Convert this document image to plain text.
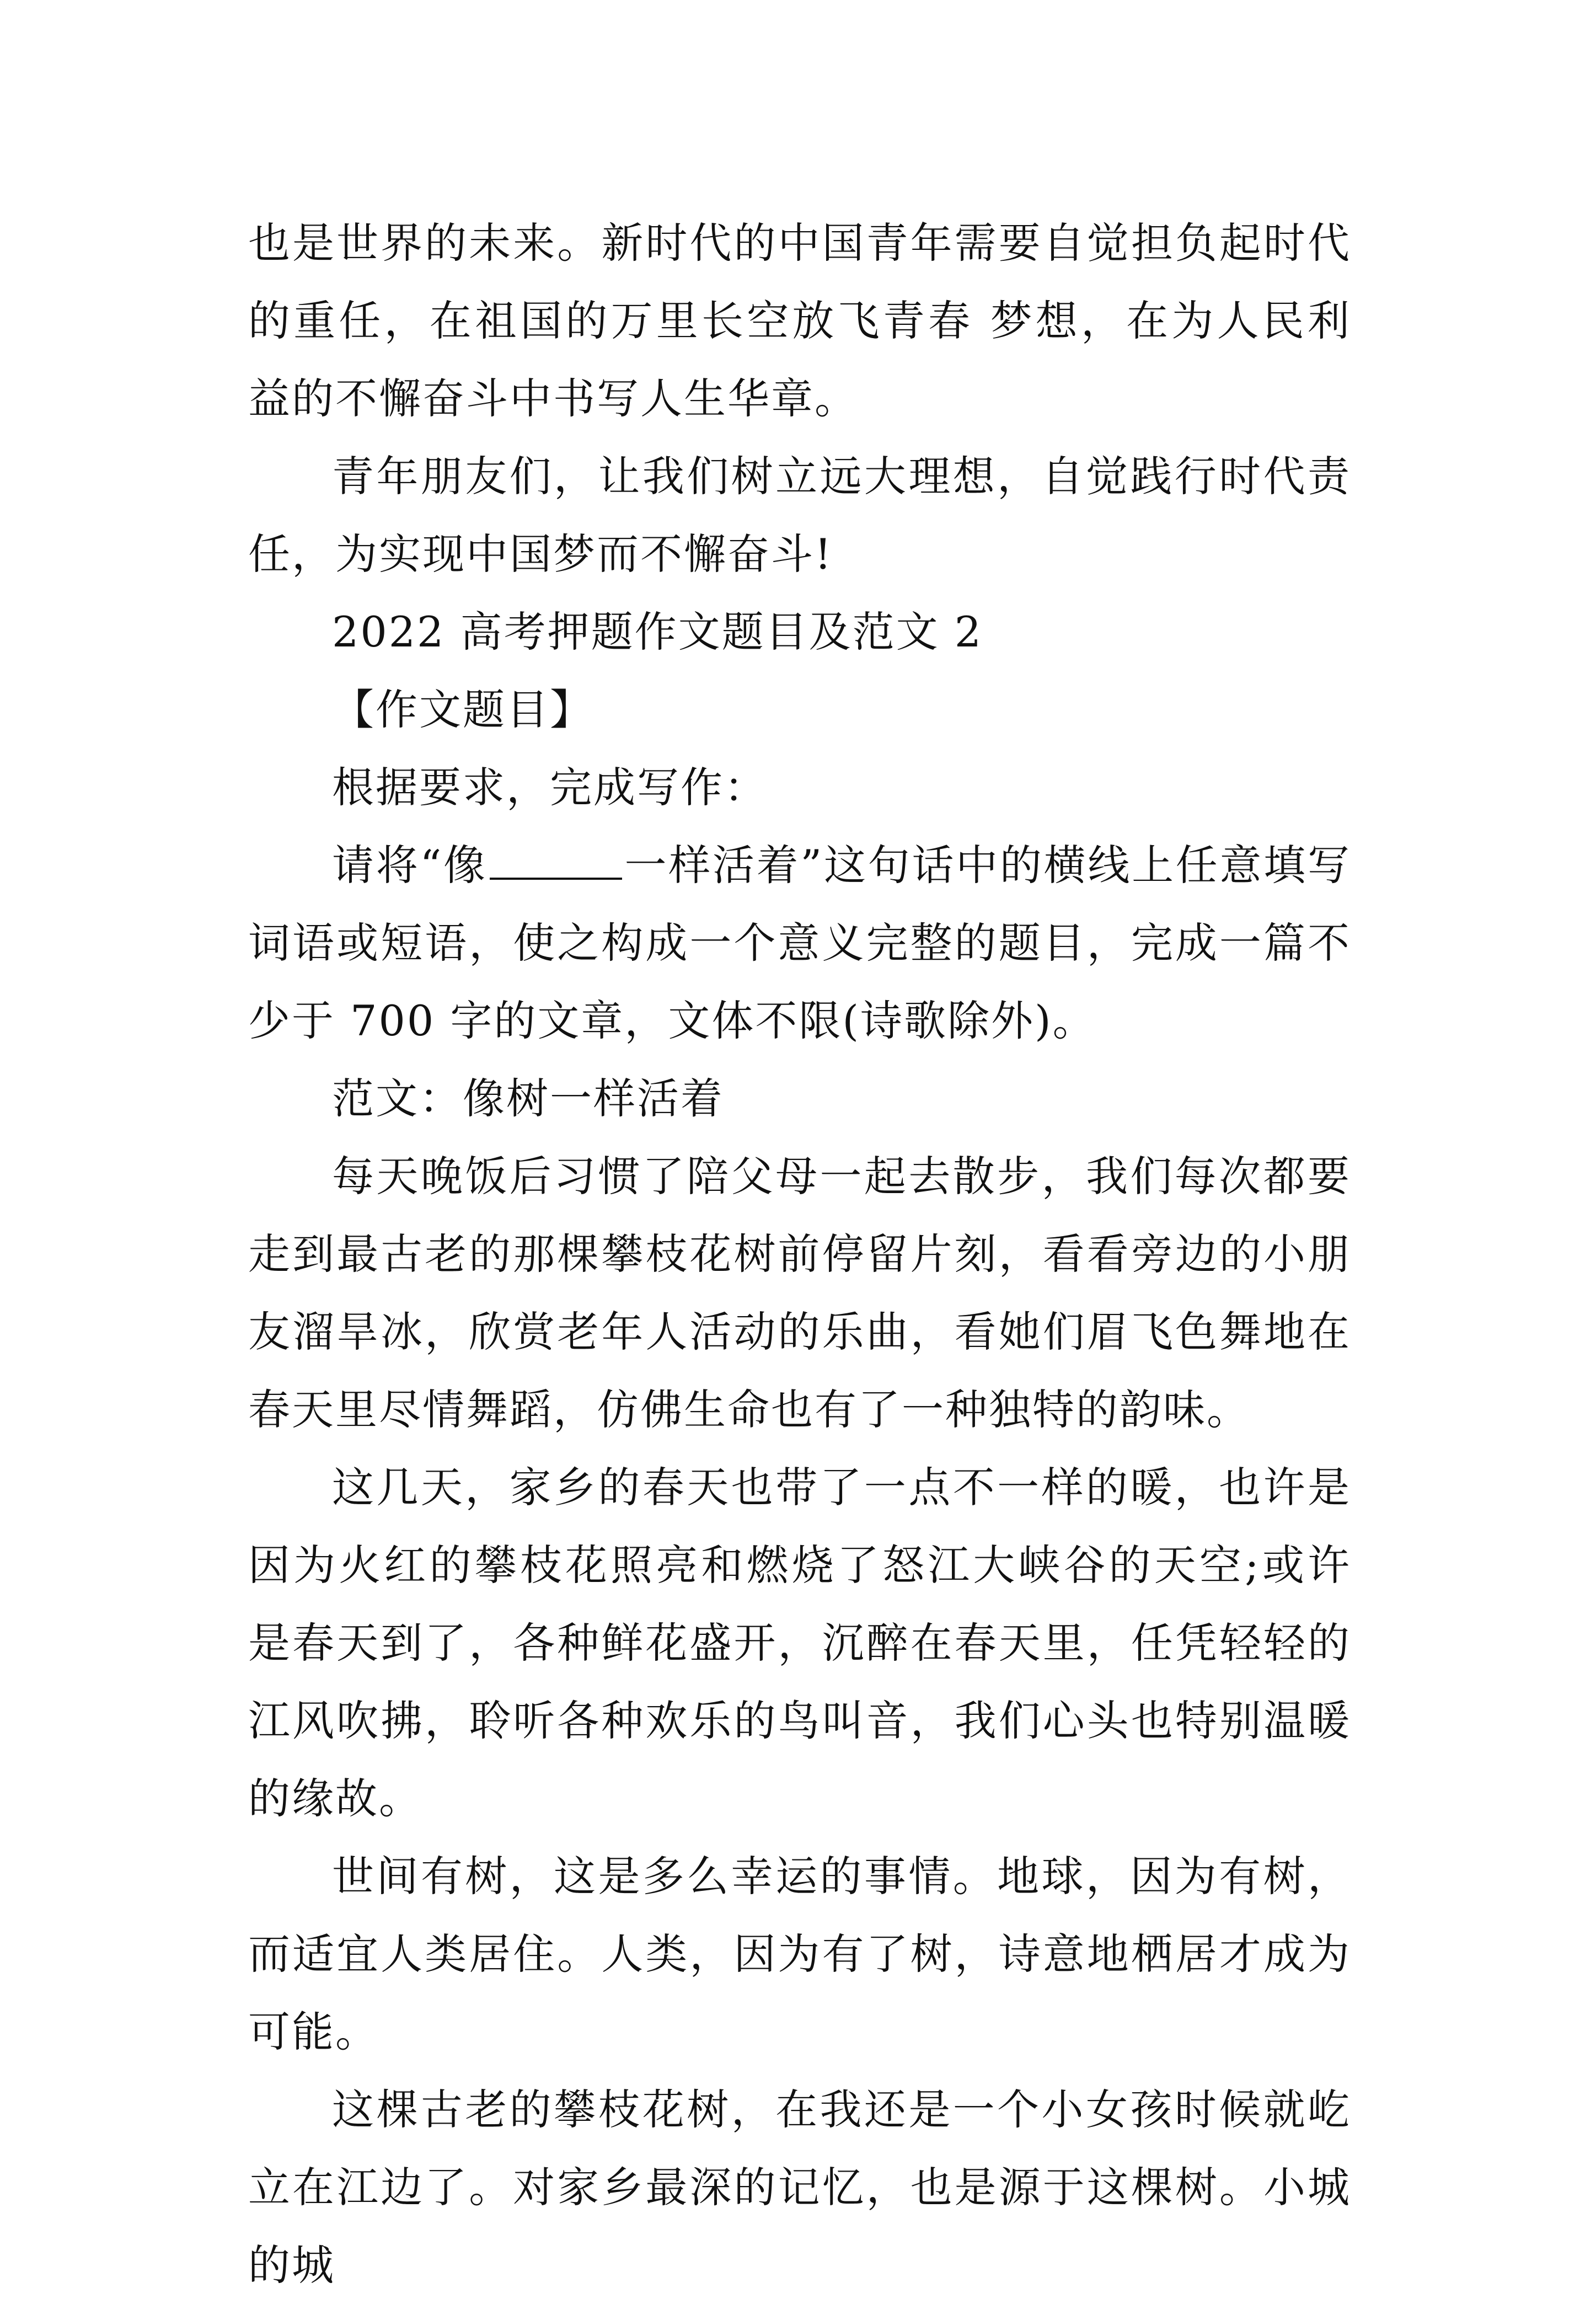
也是世界的未来。新时代的中国青年需要自觉担负起时代的重任，在祖国的万里长空放飞青春 梦想，在为人民利益的不懈奋斗中书写人生华章。

青年朋友们，让我们树立远大理想，自觉践行时代责任，为实现中国梦而不懈奋斗!

2022 高考押题作文题目及范文 2

【作文题目】

根据要求，完成写作：

请将“像	一样活着”这句话中的横线上任意填写词语或短语，使之构成一个意义完整的题目，完成一篇不少于 700 字的文章，文体不限(诗歌除外)。

范文：像树一样活着

每天晚饭后习惯了陪父母一起去散步，我们每次都要走到最古老的那棵攀枝花树前停留片刻，看看旁边的小朋友溜旱冰，欣赏老年人活动的乐曲，看她们眉飞色舞地在春天里尽情舞蹈，仿佛生命也有了一种独特的韵味。

这几天，家乡的春天也带了一点不一样的暖，也许是因为火红的攀枝花照亮和燃烧了怒江大峡谷的天空;或许是春天到了，各种鲜花盛开，沉醉在春天里，任凭轻轻的江风吹拂，聆听各种欢乐的鸟叫音，我们心头也特别温暖的缘故。

世间有树，这是多么幸运的事情。地球，因为有树，而适宜人类居住。人类，因为有了树，诗意地栖居才成为可能。

这棵古老的攀枝花树，在我还是一个小女孩时候就屹立在江边了。对家乡最深的记忆，也是源于这棵树。小城的城
